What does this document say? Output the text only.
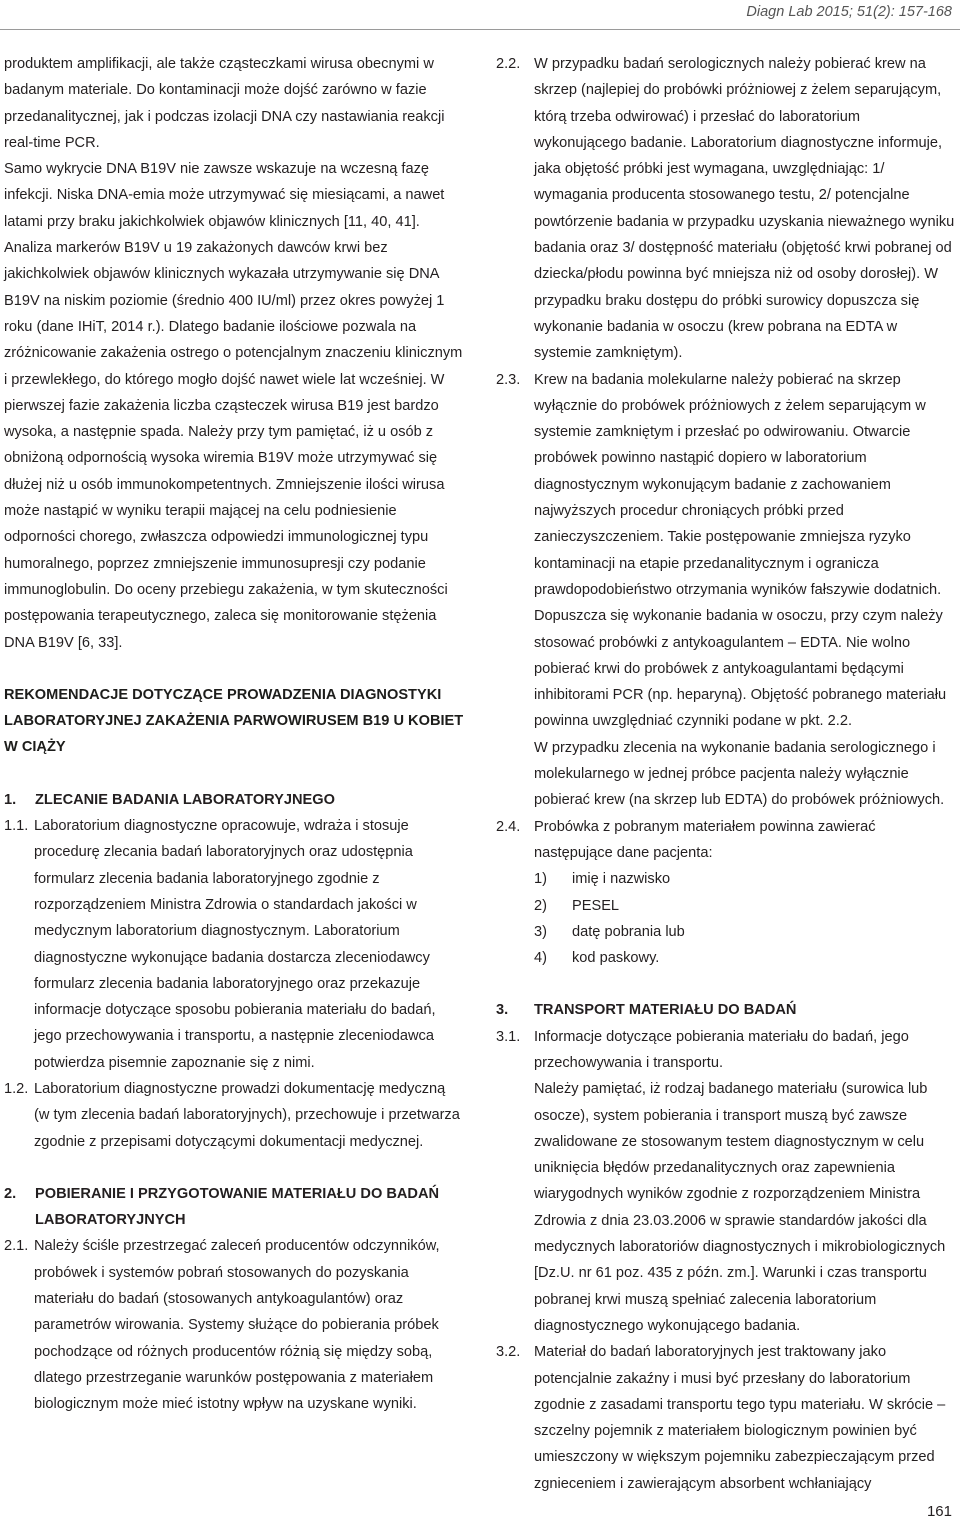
Diagn Lab 2015; 51(2): 157-168

produktem amplifikacji, ale także cząsteczkami wirusa obecnymi w badanym materiale. Do kontaminacji może dojść zarówno w fazie przedanalitycznej, jak i podczas izolacji DNA czy nastawiania reakcji real-time PCR.

Samo wykrycie DNA B19V nie zawsze wskazuje na wczesną fazę infekcji. Niska DNA-emia może utrzymywać się miesiącami, a nawet latami przy braku jakichkolwiek objawów klinicznych [11, 40, 41]. Analiza markerów B19V u 19 zakażonych dawców krwi bez jakichkolwiek objawów klinicznych wykazała utrzymywanie się DNA B19V na niskim poziomie (średnio 400 IU/ml) przez okres powyżej 1 roku (dane IHiT, 2014 r.). Dlatego badanie ilościowe pozwala na zróżnicowanie zakażenia ostrego o potencjalnym znaczeniu klinicznym i przewlekłego, do którego mogło dojść nawet wiele lat wcześniej. W pierwszej fazie zakażenia liczba cząsteczek wirusa B19 jest bardzo wysoka, a następnie spada. Należy przy tym pamiętać, iż u osób z obniżoną odpornością wysoka wiremia B19V może utrzymywać się dłużej niż u osób immunokompetentnych. Zmniejszenie ilości wirusa może nastąpić w wyniku terapii mającej na celu podniesienie odporności chorego, zwłaszcza odpowiedzi immunologicznej typu humoralnego, poprzez zmniejszenie immunosupresji czy podanie immunoglobulin. Do oceny przebiegu zakażenia, w tym skuteczności postępowania terapeutycznego, zaleca się monitorowanie stężenia DNA B19V [6, 33].

REKOMENDACJE DOTYCZĄCE PROWADZENIA DIAGNOSTYKI LABORATORYJNEJ ZAKAŻENIA PARWOWIRUSEM B19 U KOBIET W CIĄŻY

1.	ZLECANIE BADANIA LABORATORYJNEGO
1.1. Laboratorium diagnostyczne opracowuje, wdraża i stosuje procedurę zlecania badań laboratoryjnych oraz udostępnia formularz zlecenia badania laboratoryjnego zgodnie z rozporządzeniem Ministra Zdrowia o standardach jakości w medycznym laboratorium diagnostycznym. Laboratorium diagnostyczne wykonujące badania dostarcza zleceniodawcy formularz zlecenia badania laboratoryjnego oraz przekazuje informacje dotyczące sposobu pobierania materiału do badań, jego przechowywania i transportu, a następnie zleceniodawca potwierdza pisemnie zapoznanie się z nimi.
1.2. Laboratorium diagnostyczne prowadzi dokumentację medyczną (w tym zlecenia badań laboratoryjnych), przechowuje i przetwarza zgodnie z przepisami dotyczącymi dokumentacji medycznej.
2.	POBIERANIE I PRZYGOTOWANIE MATERIAŁU DO BADAŃ LABORATORYJNYCH
2.1. Należy ściśle przestrzegać zaleceń producentów odczynników, probówek i systemów pobrań stosowanych do pozyskania materiału do badań (stosowanych antykoagulantów) oraz parametrów wirowania. Systemy służące do pobierania próbek pochodzące od różnych producentów różnią się między sobą, dlatego przestrzeganie warunków postępowania z materiałem biologicznym może mieć istotny wpływ na uzyskane wyniki.
2.2. W przypadku badań serologicznych należy pobierać krew na skrzep (najlepiej do probówki próżniowej z żelem separującym, którą trzeba odwirować) i przesłać do laboratorium wykonującego badanie. Laboratorium diagnostyczne informuje, jaka objętość próbki jest wymagana, uwzględniając: 1/ wymagania producenta stosowanego testu, 2/ potencjalne powtórzenie badania w przypadku uzyskania nieważnego wyniku badania oraz 3/ dostępność materiału (objętość krwi pobranej od dziecka/płodu powinna być mniejsza niż od osoby dorosłej). W przypadku braku dostępu do próbki surowicy dopuszcza się wykonanie badania w osoczu (krew pobrana na EDTA w systemie zamkniętym).
2.3. Krew na badania molekularne należy pobierać na skrzep wyłącznie do probówek próżniowych z żelem separującym w systemie zamkniętym i przesłać po odwirowaniu. Otwarcie probówek powinno nastąpić dopiero w laboratorium diagnostycznym wykonującym badanie z zachowaniem najwyższych procedur chroniących próbki przed zanieczyszczeniem. Takie postępowanie zmniejsza ryzyko kontaminacji na etapie przedanalitycznym i ogranicza prawdopodobieństwo otrzymania wyników fałszywie dodatnich. Dopuszcza się wykonanie badania w osoczu, przy czym należy stosować probówki z antykoagulantem – EDTA. Nie wolno pobierać krwi do probówek z antykoagulantami będącymi inhibitorami PCR (np. heparyną). Objętość pobranego materiału powinna uwzględniać czynniki podane w pkt. 2.2.

W przypadku zlecenia na wykonanie badania serologicznego i molekularnego w jednej próbce pacjenta należy wyłącznie pobierać krew (na skrzep lub EDTA) do probówek próżniowych.

2.4. Probówka z pobranym materiałem powinna zawierać następujące dane pacjenta:
1)	imię i nazwisko
2)	PESEL
3)	datę pobrania lub
4)	kod paskowy.
3.	TRANSPORT MATERIAŁU DO BADAŃ
3.1. Informacje dotyczące pobierania materiału do badań, jego przechowywania i transportu.

Należy pamiętać, iż rodzaj badanego materiału (surowica lub osocze), system pobierania i transport muszą być zawsze zwalidowane ze stosowanym testem diagnostycznym w celu uniknięcia błędów przedanalitycznych oraz zapewnienia wiarygodnych wyników zgodnie z rozporządzeniem Ministra Zdrowia z dnia 23.03.2006 w sprawie standardów jakości dla medycznych laboratoriów diagnostycznych i mikrobiologicznych [Dz.U. nr 61 poz. 435 z późn. zm.]. Warunki i czas transportu pobranej krwi muszą spełniać zalecenia laboratorium diagnostycznego wykonującego badania.

3.2. Materiał do badań laboratoryjnych jest traktowany jako potencjalnie zakaźny i musi być przesłany do laboratorium zgodnie z zasadami transportu tego typu materiału. W skrócie – szczelny pojemnik z materiałem biologicznym powinien być umieszczony w większym pojemniku zabezpieczającym przed zgnieceniem i zawierającym absorbent wchłaniający

161
